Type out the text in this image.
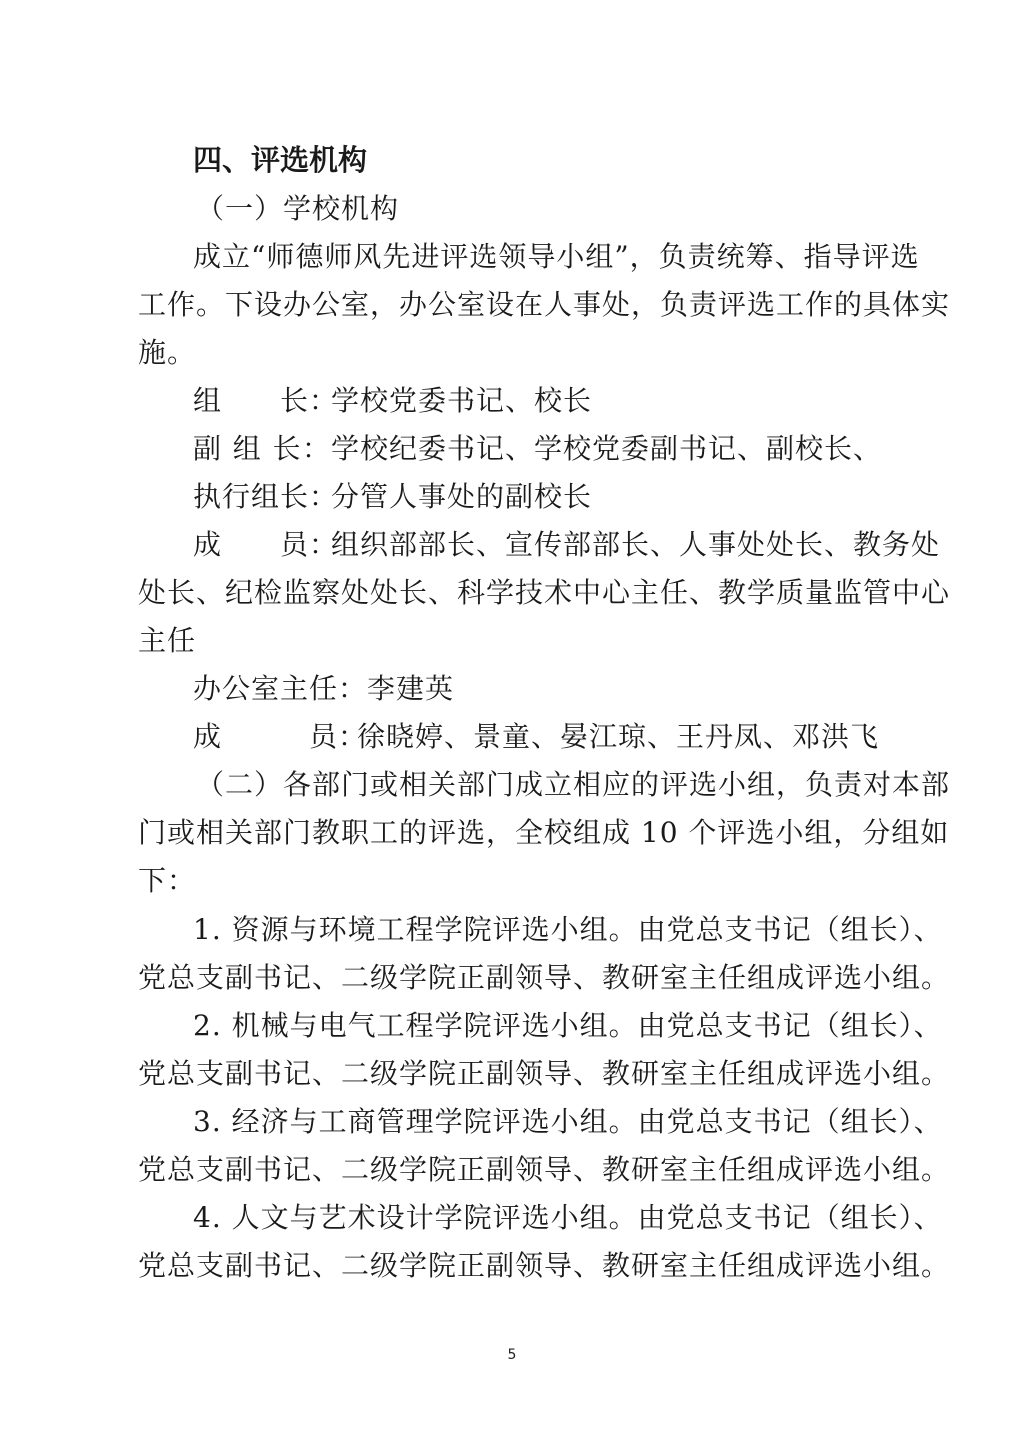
四、评选机构
（一）学校机构
成立“师德师风先进评选领导小组”，负责统筹、指导评选
工作。下设办公室，办公室设在人事处，负责评选工作的具体实
施。
组　　长：学校党委书记、校长
副 组 长：学校纪委书记、学校党委副书记、副校长、
执行组长：分管人事处的副校长
成　　员：组织部部长、宣传部部长、人事处处长、教务处
处长、纪检监察处处长、科学技术中心主任、教学质量监管中心
主任
办公室主任：李建英
成　　　员：徐晓婷、景童、晏江琼、王丹凤、邓洪飞
（二）各部门或相关部门成立相应的评选小组，负责对本部
门或相关部门教职工的评选，全校组成 10 个评选小组，分组如
下：
1. 资源与环境工程学院评选小组。由党总支书记（组长）、
党总支副书记、二级学院正副领导、教研室主任组成评选小组。
2. 机械与电气工程学院评选小组。由党总支书记（组长）、
党总支副书记、二级学院正副领导、教研室主任组成评选小组。
3. 经济与工商管理学院评选小组。由党总支书记（组长）、
党总支副书记、二级学院正副领导、教研室主任组成评选小组。
4. 人文与艺术设计学院评选小组。由党总支书记（组长）、
党总支副书记、二级学院正副领导、教研室主任组成评选小组。
5
